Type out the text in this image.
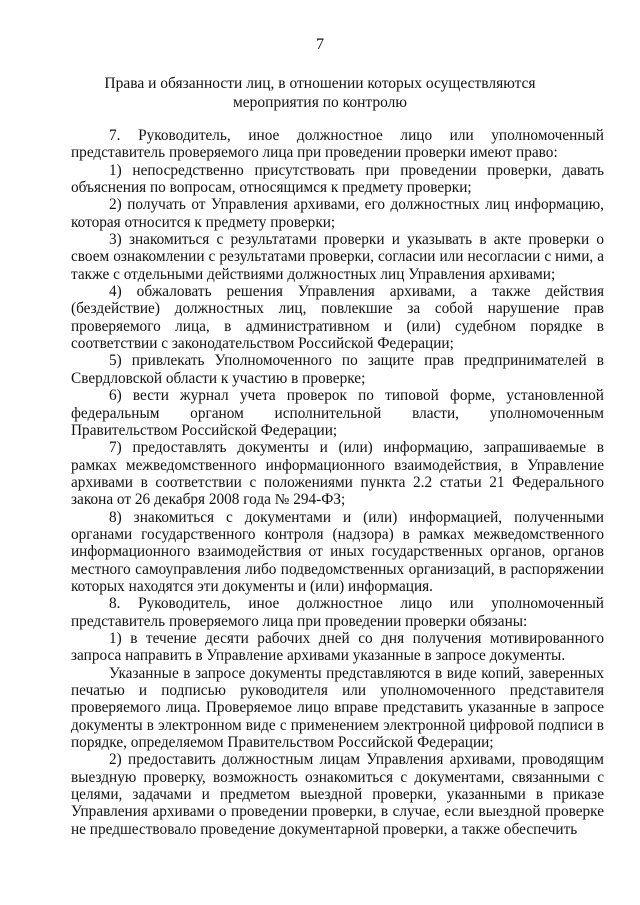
7
Права и обязанности лиц, в отношении которых осуществляются мероприятия по контролю

7. Руководитель, иное должностное лицо или уполномоченный представитель проверяемого лица при проведении проверки имеют право:

1) непосредственно присутствовать при проведении проверки, давать объяснения по вопросам, относящимся к предмету проверки;

2) получать от Управления архивами, его должностных лиц информацию, которая относится к предмету проверки;

3) знакомиться с результатами проверки и указывать в акте проверки о своем ознакомлении с результатами проверки, согласии или несогласии с ними, а также с отдельными действиями должностных лиц Управления архивами;

4) обжаловать решения Управления архивами, а также действия (бездействие) должностных лиц, повлекшие за собой нарушение прав проверяемого лица, в административном и (или) судебном порядке в соответствии с законодательством Российской Федерации;

5) привлекать Уполномоченного по защите прав предпринимателей в Свердловской области к участию в проверке;

6) вести журнал учета проверок по типовой форме, установленной федеральным органом исполнительной власти, уполномоченным Правительством Российской Федерации;

7) предоставлять документы и (или) информацию, запрашиваемые в рамках межведомственного информационного взаимодействия, в Управление архивами в соответствии с положениями пункта 2.2 статьи 21 Федерального закона от 26 декабря 2008 года № 294-ФЗ;

8) знакомиться с документами и (или) информацией, полученными органами государственного контроля (надзора) в рамках межведомственного информационного взаимодействия от иных государственных органов, органов местного самоуправления либо подведомственных организаций, в распоряжении которых находятся эти документы и (или) информация.

8. Руководитель, иное должностное лицо или уполномоченный представитель проверяемого лица при проведении проверки обязаны:

1) в течение десяти рабочих дней со дня получения мотивированного запроса направить в Управление архивами указанные в запросе документы.

Указанные в запросе документы представляются в виде копий, заверенных печатью и подписью руководителя или уполномоченного представителя проверяемого лица. Проверяемое лицо вправе представить указанные в запросе документы в электронном виде с применением электронной цифровой подписи в порядке, определяемом Правительством Российской Федерации;

2) предоставить должностным лицам Управления архивами, проводящим выездную проверку, возможность ознакомиться с документами, связанными с целями, задачами и предметом выездной проверки, указанными в приказе Управления архивами о проведении проверки, в случае, если выездной проверке не предшествовало проведение документарной проверки, а также обеспечить
